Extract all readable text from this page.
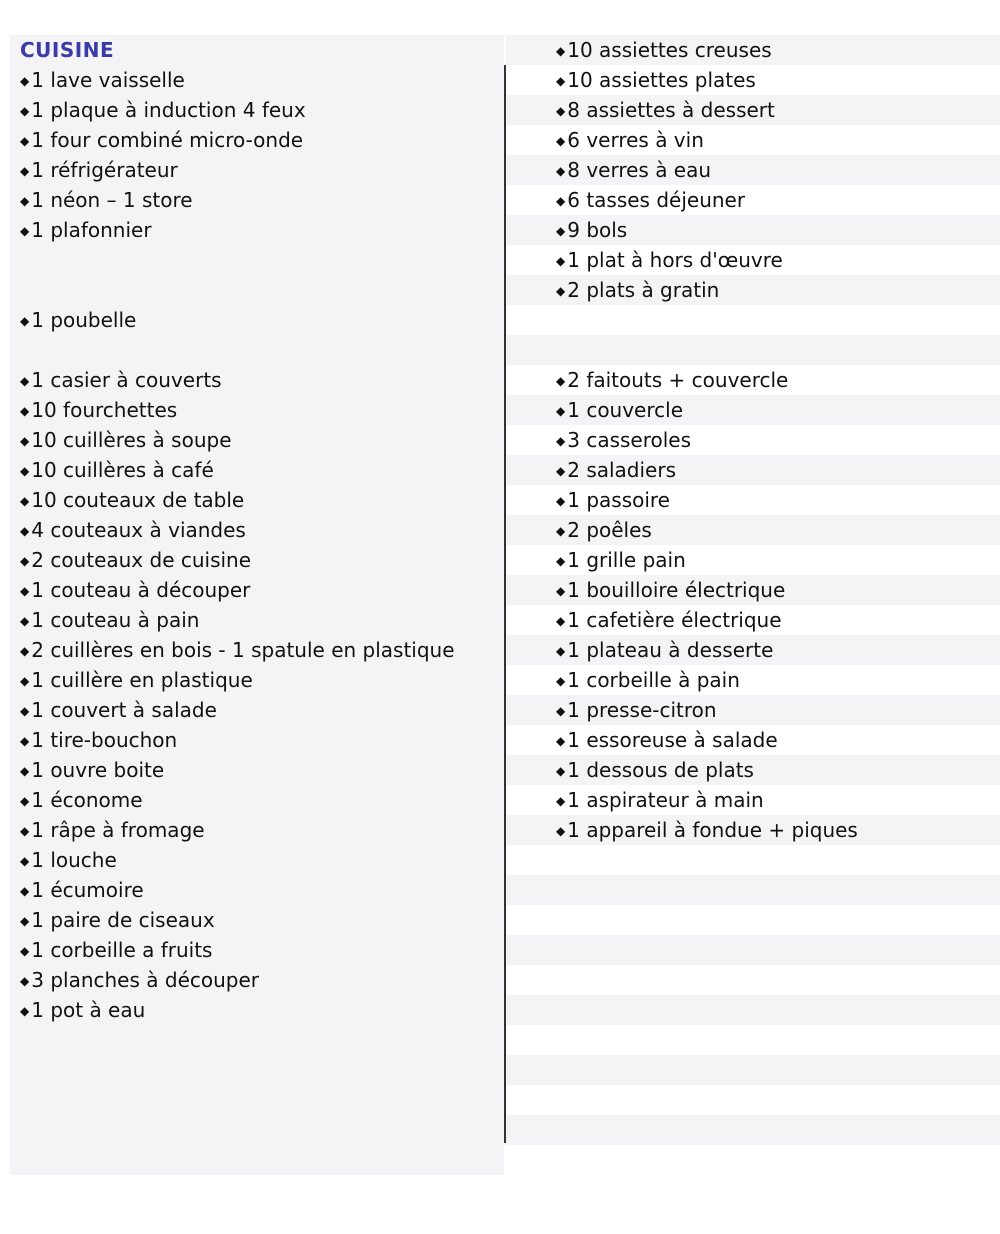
CUISINE
◆ 1 lave vaisselle
◆ 1 plaque à induction 4 feux
◆ 1 four combiné micro-onde
◆ 1 réfrigérateur
◆ 1 néon – 1 store
◆ 1 plafonnier
◆ 1 poubelle
◆ 1 casier à couverts
◆ 10 fourchettes
◆ 10 cuillères à soupe
◆ 10 cuillères à café
◆ 10 couteaux de table
◆ 4 couteaux à viandes
◆ 2 couteaux de cuisine
◆ 1 couteau à découper
◆ 1 couteau à pain
◆ 2 cuillères en bois - 1 spatule en plastique
◆ 1 cuillère en plastique
◆ 1 couvert à salade
◆ 1 tire-bouchon
◆ 1 ouvre boite
◆ 1 économe
◆ 1 râpe à fromage
◆ 1 louche
◆ 1 écumoire
◆ 1 paire de ciseaux
◆ 1 corbeille a fruits
◆ 3 planches à découper
◆ 1 pot à eau
◆ 10 assiettes creuses
◆ 10 assiettes plates
◆ 8 assiettes à dessert
◆ 6 verres à vin
◆ 8 verres à eau
◆ 6 tasses déjeuner
◆ 9 bols
◆ 1 plat à hors d'œuvre
◆ 2 plats à gratin
◆ 2 faitouts + couvercle
◆ 1 couvercle
◆ 3 casseroles
◆ 2 saladiers
◆ 1 passoire
◆ 2 poêles
◆ 1 grille pain
◆ 1 bouilloire électrique
◆ 1 cafetière électrique
◆ 1 plateau à desserte
◆ 1 corbeille à pain
◆ 1 presse-citron
◆ 1 essoreuse à salade
◆ 1 dessous de plats
◆ 1 aspirateur à main
◆ 1 appareil à fondue + piques
